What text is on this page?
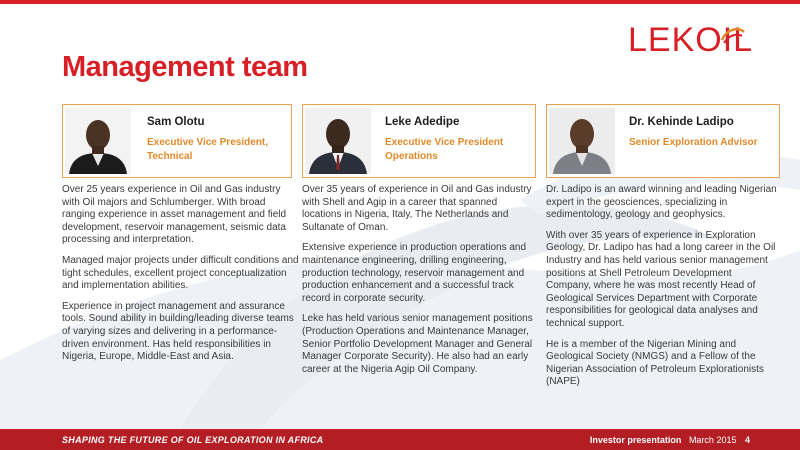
LEKOIL
Management team
Sam Olotu
Executive Vice President,
Technical
Leke Adedipe
Executive Vice President
Operations
Dr. Kehinde Ladipo
Senior Exploration Advisor

Over 25 years experience in Oil and Gas industry with Oil majors and Schlumberger. With broad ranging experience in asset management and field development, reservoir management, seismic data processing and interpretation.

Managed major projects under difficult conditions and tight schedules, excellent project conceptualization and implementation abilities.

Experience in project management and assurance tools. Sound ability in building/leading diverse teams of varying sizes and delivering in a performance-driven environment. Has held responsibilities in Nigeria, Europe, Middle-East and Asia.

Over 35 years of experience in Oil and Gas industry with Shell and Agip in a career that spanned locations in Nigeria, Italy, The Netherlands and Sultanate of Oman.

Extensive experience in production operations and maintenance engineering, drilling engineering, production technology, reservoir management and production enhancement and a successful track record in corporate security.

Leke has held various senior management positions (Production Operations and Maintenance Manager, Senior Portfolio Development Manager and General Manager Corporate Security). He also had an early career at the Nigeria Agip Oil Company.

Dr. Ladipo is an award winning and leading Nigerian expert in the geosciences, specializing in sedimentology, geology and geophysics.

With over 35 years of experience in Exploration Geology, Dr. Ladipo has had a long career in the Oil Industry and has held various senior management positions at Shell Petroleum Development Company, where he was most recently Head of Geological Services Department with Corporate responsibilities for geological data analyses and technical support.

He is a member of the Nigerian Mining and Geological Society (NMGS) and a Fellow of the Nigerian Association of Petroleum Explorationists (NAPE)

SHAPING THE FUTURE OF OIL EXPLORATION IN AFRICA	Investor presentation March 2015 4
